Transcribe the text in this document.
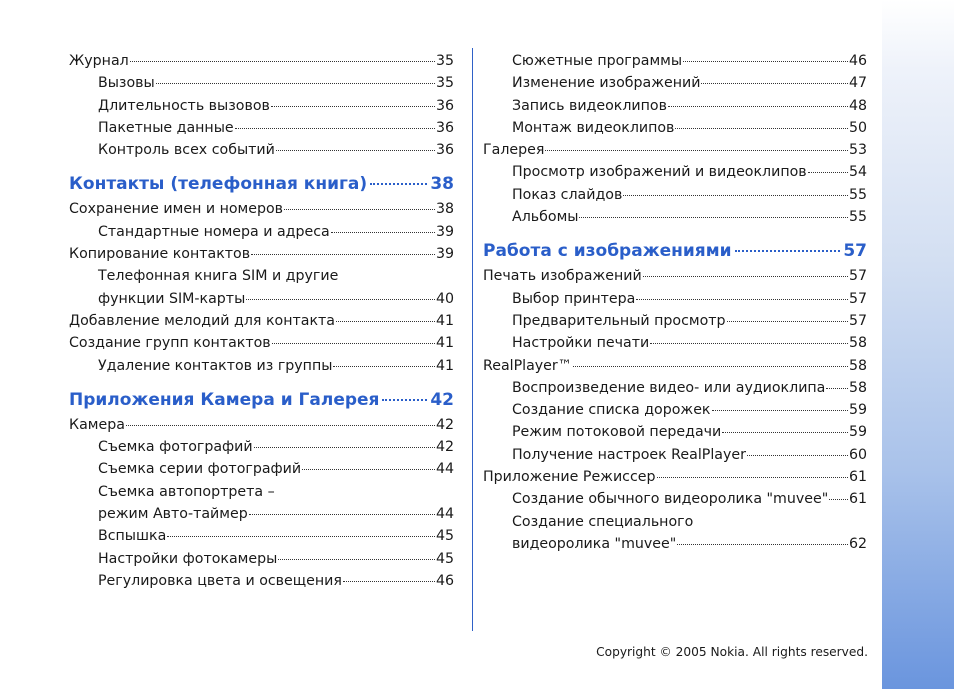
Журнал	35
Вызовы	35
Длительность вызовов	36
Пакетные данные	36
Контроль всех событий	36
Контакты (телефонная книга)	38
Сохранение имен и номеров	38
Стандартные номера и адреса	39
Копирование контактов	39
Телефонная книга SIM и другие
функции SIM-карты	40
Добавление мелодий для контакта	41
Создание групп контактов	41
Удаление контактов из группы	41
Приложения Камера и Галерея	42
Камера	42
Съемка фотографий	42
Съемка серии фотографий	44
Съемка автопортрета –
режим Авто-таймер	44
Вспышка	45
Настройки фотокамеры	45
Регулировка цвета и освещения	46
Сюжетные программы	46
Изменение изображений	47
Запись видеоклипов	48
Монтаж видеоклипов	50
Галерея	53
Просмотр изображений и видеоклипов	54
Показ слайдов	55
Альбомы	55
Работа с изображениями	57
Печать изображений	57
Выбор принтера	57
Предварительный просмотр	57
Настройки печати	58
RealPlayer™	58
Воспроизведение видео- или аудиоклипа 58
Создание списка дорожек	59
Режим потоковой передачи	59
Получение настроек RealPlayer	60
Приложение Режиссер	61
Создание обычного видеоролика "muvee" 61
Создание специального
видеоролика "muvee"	62
Copyright © 2005 Nokia. All rights reserved.
